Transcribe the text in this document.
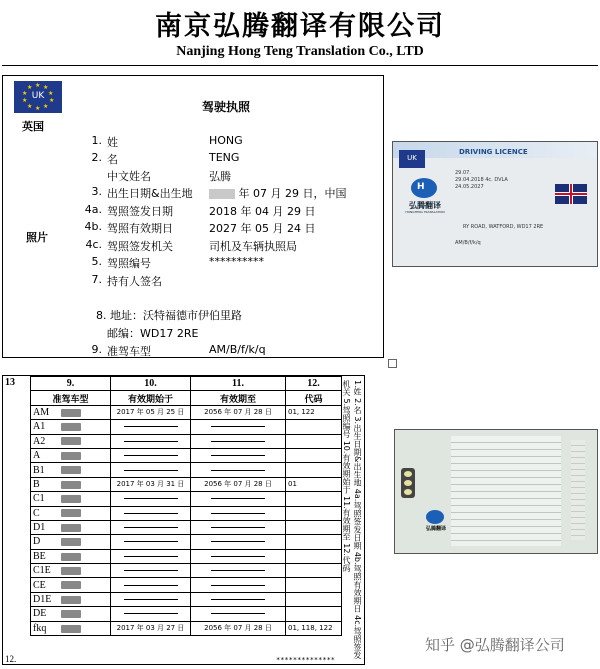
南京弘腾翻译有限公司
Nanjing Hong Teng Translation Co., LTD
★ ★
★
★
★
★
★
★
★
★
UK
驾驶执照
英国
照片
1. 姓	HONG
2. 名	TENG
中文姓名	弘腾
3. 出生日期&出生地	年 07 月 29 日，中国
4a. 驾照签发日期	2018 年 04 月 29 日
4b. 驾照有效期日	2027 年 05 月 24 日
4c. 驾照签发机关	司机及车辆执照局
5. 驾照编号	**********
7. 持有人签名
8. 地址：沃特福德市伊伯里路
邮编：WD17 2RE
9. 准驾车型	AM/B/f/k/q
UK
DRIVING LICENCE
29.07.
29.04.2018 4c. DVLA
24.05.2027
H
弘腾翻译
HONGTENG TRANSLATION
RY ROAD, WATFORD, WD17 2RE
AM/B/f/k/q
13
12.
9.	10.	11.	12.
准驾车型	有效期始于	有效期至	代码
AM	2017 年 05 月 25 日	2056 年 07 月 28 日	01, 122
A1			
A2			
A			
B1			
B	2017 年 03 月 31 日	2056 年 07 月 28 日	01
C1			
C			
D1			
D			
BE			
C1E			
CE			
D1E			
DE			
fkq	2017 年 03 月 27 日	2056 年 07 月 28 日	01, 118, 122
**************
1.姓 2.名 3.出生日期&出生地 4a.驾照签发日期 4b.驾照有效期日 4c.驾照签发机关 5.驾照编号 10.有效期始于 11.有效期至 12.代码	弘腾翻译
知乎 @弘腾翻译公司
